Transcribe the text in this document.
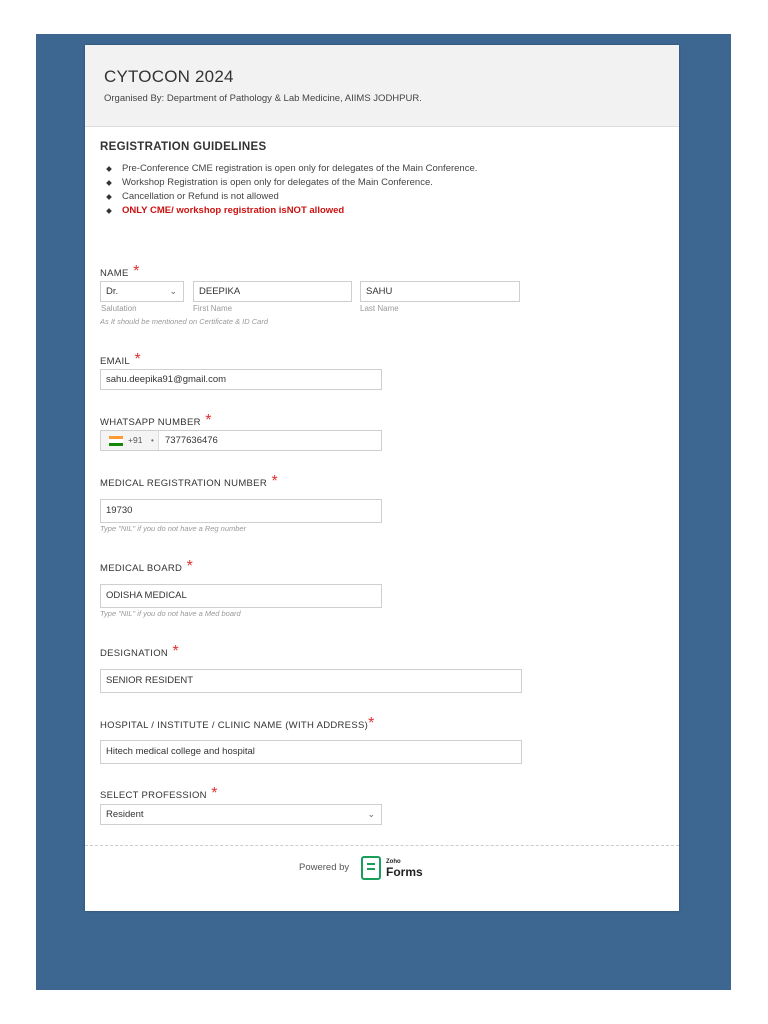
CYTOCON 2024
Organised By: Department of Pathology & Lab Medicine, AIIMS JODHPUR.
REGISTRATION GUIDELINES
Pre-Conference CME registration is open only for delegates of the Main Conference.
Workshop Registration is open only for delegates of the Main Conference.
Cancellation or Refund is not allowed
ONLY CME/ workshop registration isNOT allowed
NAME *
Dr.	⌄	DEEPIKA	SAHU
Salutation	First Name	Last Name
As It should be mentioned on Certificate & ID Card
EMAIL *
sahu.deepika91@gmail.com
WHATSAPP NUMBER *
+91 • 7377636476
MEDICAL REGISTRATION NUMBER *
19730
Type "NIL" if you do not have a Reg number
MEDICAL BOARD *
ODISHA MEDICAL
Type "NIL" if you do not have a Med board
DESIGNATION *
SENIOR RESIDENT
HOSPITAL / INSTITUTE / CLINIC NAME (WITH ADDRESS)*
Hitech medical college and hospital
SELECT PROFESSION *
Resident	⌄
Powered by	Zoho
Forms
